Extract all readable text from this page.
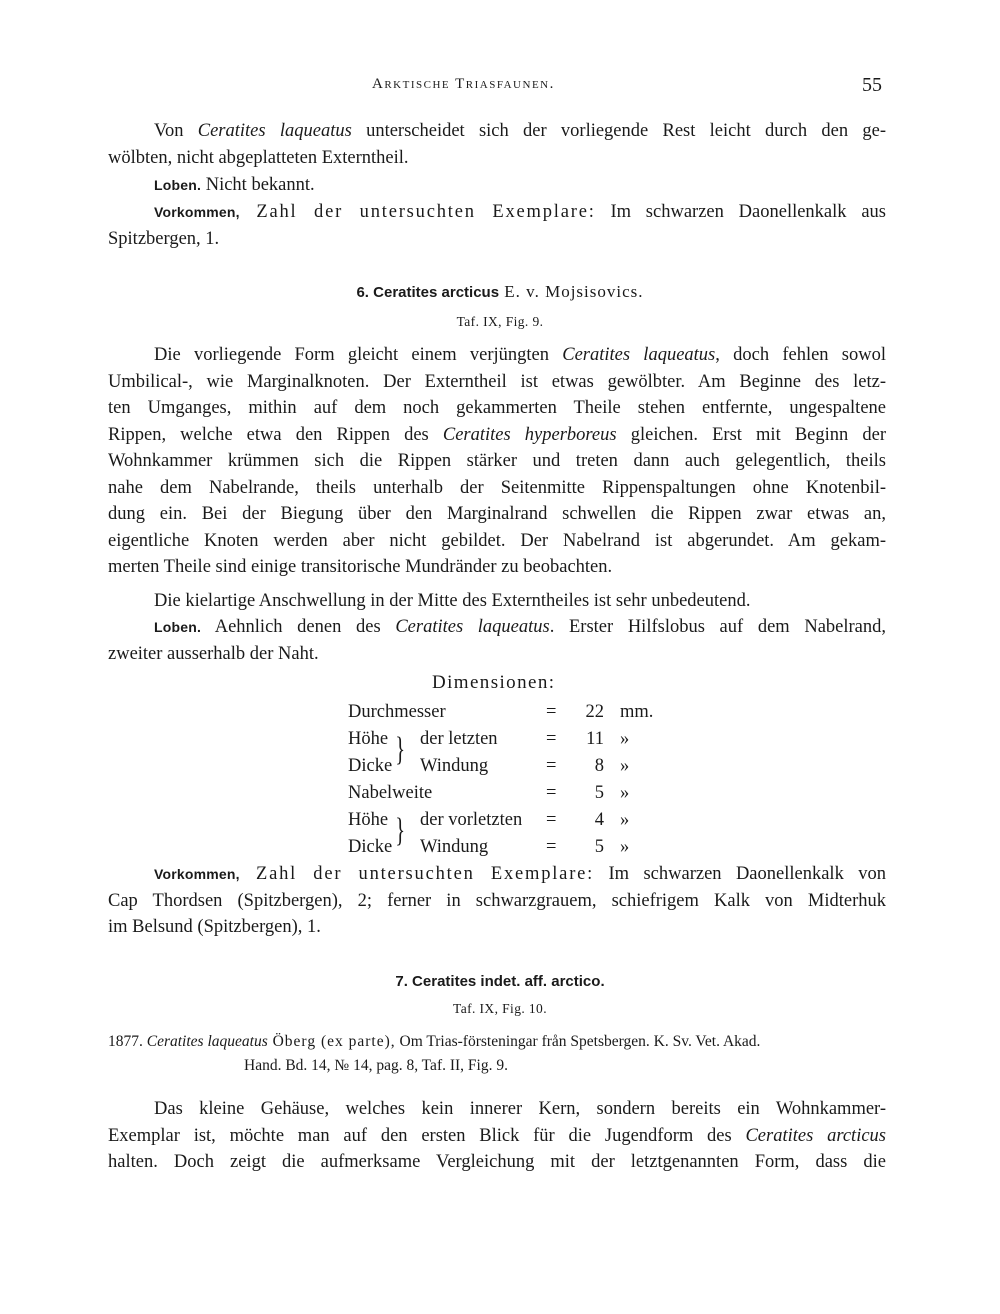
Arktische Triasfaunen.	55
Von Ceratites laqueatus unterscheidet sich der vorliegende Rest leicht durch den ge-
wölbten, nicht abgeplatteten Externtheil.
Loben. Nicht bekannt.
Vorkommen, Zahl der untersuchten Exemplare: Im schwarzen Daonellenkalk aus
Spitzbergen, 1.
6. Ceratites arcticus E. v. Mojsisovics.
Taf. IX, Fig. 9.
Die vorliegende Form gleicht einem verjüngten Ceratites laqueatus, doch fehlen sowol
Umbilical-, wie Marginalknoten. Der Externtheil ist etwas gewölbter. Am Beginne des letz-
ten Umganges, mithin auf dem noch gekammerten Theile stehen entfernte, ungespaltene
Rippen, welche etwa den Rippen des Ceratites hyperboreus gleichen. Erst mit Beginn der
Wohnkammer krümmen sich die Rippen stärker und treten dann auch gelegentlich, theils
nahe dem Nabelrande, theils unterhalb der Seitenmitte Rippenspaltungen ohne Knotenbil-
dung ein. Bei der Biegung über den Marginalrand schwellen die Rippen zwar etwas an,
eigentliche Knoten werden aber nicht gebildet. Der Nabelrand ist abgerundet. Am gekam-
merten Theile sind einige transitorische Mundränder zu beobachten.
Die kielartige Anschwellung in der Mitte des Externtheiles ist sehr unbedeutend.
Loben. Aehnlich denen des Ceratites laqueatus. Erster Hilfslobus auf dem Nabelrand,
zweiter ausserhalb der Naht.
Dimensionen:
Durchmesser	=	22 mm.
Höhe der letzten	=	11 »
Dicke Windung	=	8 »
Nabelweite	=	5 »
Höhe der vorletzten =	4 »
Dicke Windung	=	5 »
}
}
Vorkommen, Zahl der untersuchten Exemplare: Im schwarzen Daonellenkalk von
Cap Thordsen (Spitzbergen), 2; ferner in schwarzgrauem, schiefrigem Kalk von Midterhuk
im Belsund (Spitzbergen), 1.
7. Ceratites indet. aff. arctico.
Taf. IX, Fig. 10.
1877. Ceratites laqueatus Öberg (ex parte), Om Trias-försteningar från Spetsbergen. K. Sv. Vet. Akad.
Hand. Bd. 14, № 14, pag. 8, Taf. II, Fig. 9.
Das kleine Gehäuse, welches kein innerer Kern, sondern bereits ein Wohnkammer-
Exemplar ist, möchte man auf den ersten Blick für die Jugendform des Ceratites arcticus
halten. Doch zeigt die aufmerksame Vergleichung mit der letztgenannten Form, dass die
